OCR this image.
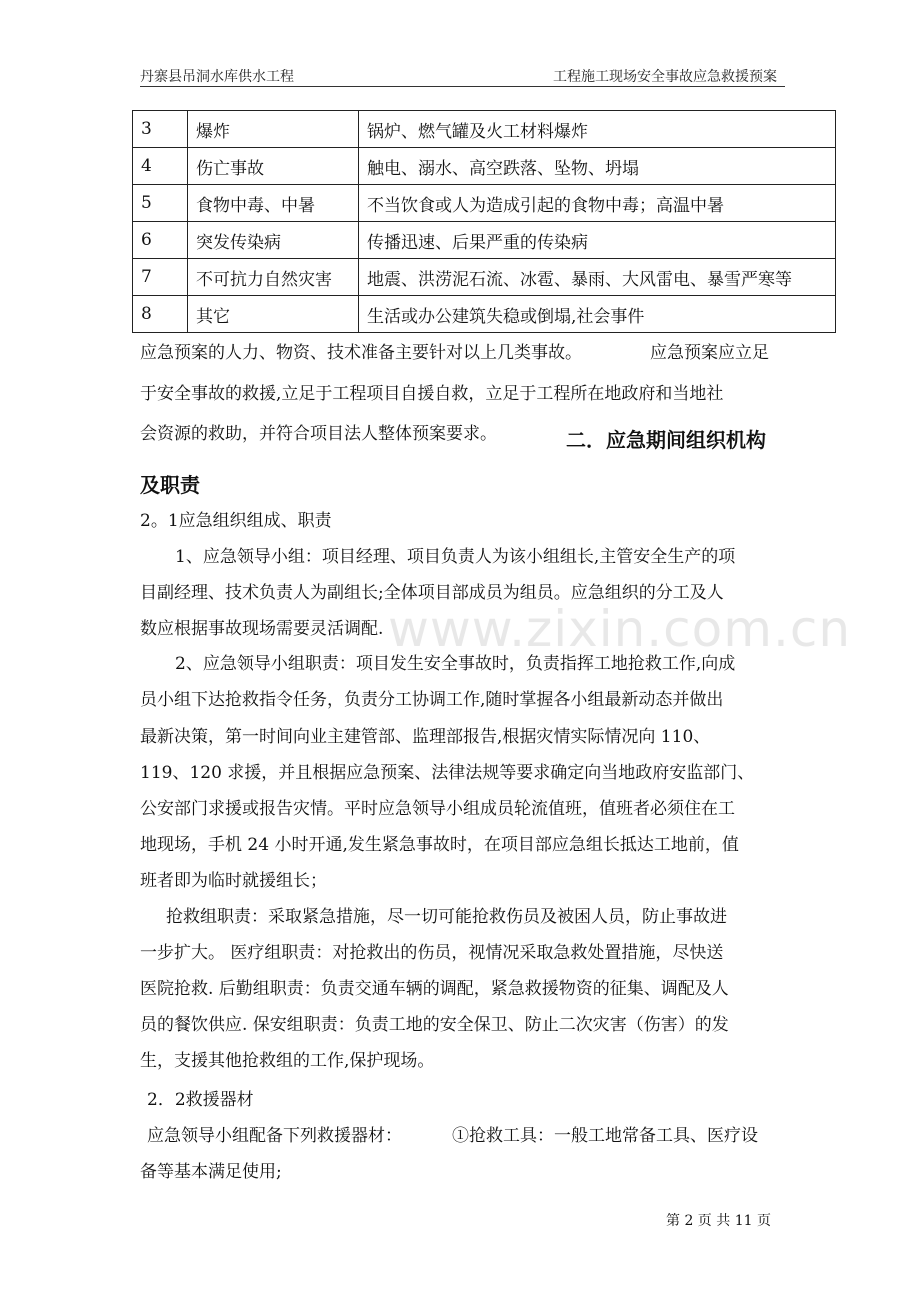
丹寨县吊洞水库供水工程	工程施工现场安全事故应急救援预案
3	爆炸	锅炉、燃气罐及火工材料爆炸
4	伤亡事故	触电、溺水、高空跌落、坠物、坍塌
5	食物中毒、中暑	不当饮食或人为造成引起的食物中毒；高温中暑
6	突发传染病	传播迅速、后果严重的传染病
7	不可抗力自然灾害	地震、洪涝泥石流、冰雹、暴雨、大风雷电、暴雪严寒等
8	其它	生活或办公建筑失稳或倒塌,社会事件
应急预案的人力、物资、技术准备主要针对以上几类事故。	应急预案应立足
于安全事故的救援,立足于工程项目自援自救，立足于工程所在地政府和当地社
会资源的救助，并符合项目法人整体预案要求。	二．应急期间组织机构
及职责
2。1应急组织组成、职责
1、应急领导小组：项目经理、项目负责人为该小组组长,主管安全生产的项
目副经理、技术负责人为副组长;全体项目部成员为组员。应急组织的分工及人
数应根据事故现场需要灵活调配. www.zixin.com.cn
2、应急领导小组职责：项目发生安全事故时，负责指挥工地抢救工作,向成
员小组下达抢救指令任务，负责分工协调工作,随时掌握各小组最新动态并做出
最新决策，第一时间向业主建管部、监理部报告,根据灾情实际情况向 110、
119、120 求援，并且根据应急预案、法律法规等要求确定向当地政府安监部门、
公安部门求援或报告灾情。平时应急领导小组成员轮流值班，值班者必须住在工
地现场，手机 24 小时开通,发生紧急事故时，在项目部应急组长抵达工地前，值
班者即为临时就援组长；
抢救组职责：采取紧急措施，尽一切可能抢救伤员及被困人员，防止事故进
一步扩大。 医疗组职责：对抢救出的伤员，视情况采取急救处置措施，尽快送
医院抢救. 后勤组职责：负责交通车辆的调配，紧急救援物资的征集、调配及人
员的餐饮供应. 保安组职责：负责工地的安全保卫、防止二次灾害（伤害）的发
生，支援其他抢救组的工作,保护现场。
2．2救援器材
应急领导小组配备下列救援器材：	①抢救工具：一般工地常备工具、医疗设
备等基本满足使用;
第 2 页 共 11 页
